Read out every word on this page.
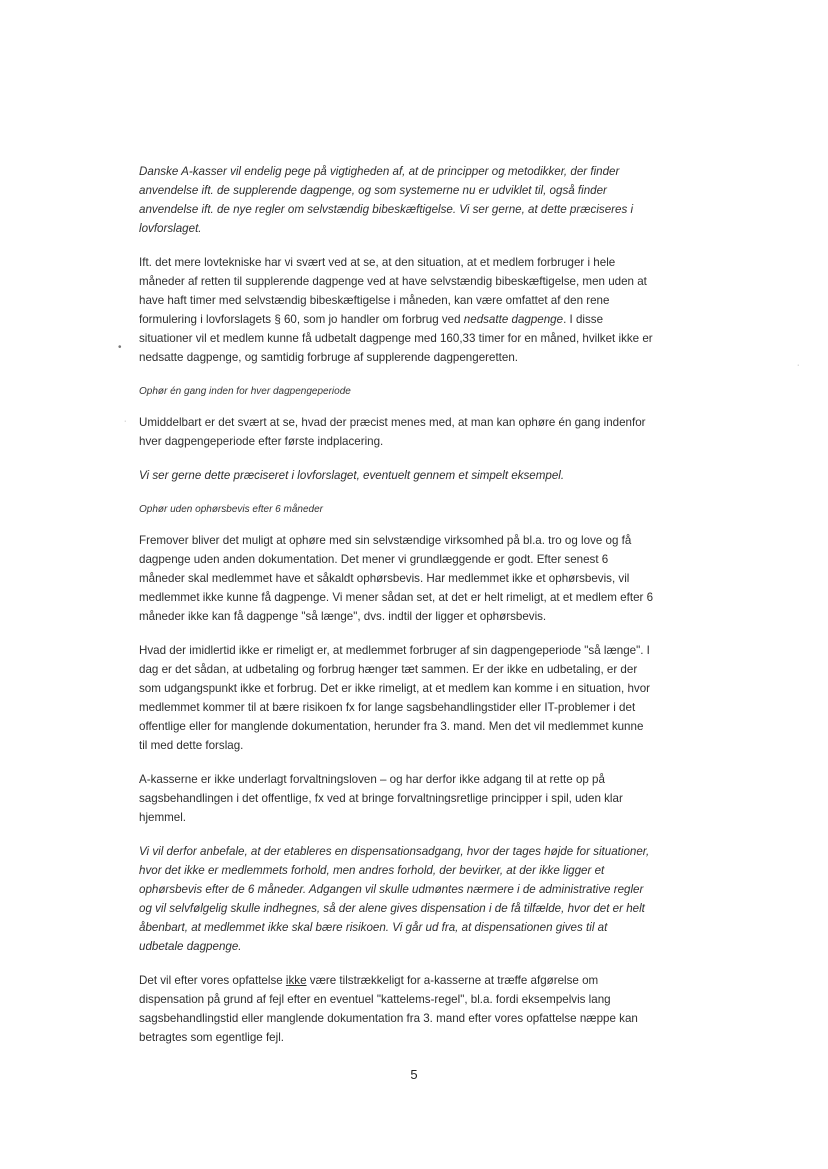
Danske A-kasser vil endelig pege på vigtigheden af, at de principper og metodikker, der finder anvendelse ift. de supplerende dagpenge, og som systemerne nu er udviklet til, også finder anvendelse ift. de nye regler om selvstændig bibeskæftigelse. Vi ser gerne, at dette præciseres i lovforslaget.

Ift. det mere lovtekniske har vi svært ved at se, at den situation, at et medlem forbruger i hele måneder af retten til supplerende dagpenge ved at have selvstændig bibeskæftigelse, men uden at have haft timer med selvstændig bibeskæftigelse i måneden, kan være omfattet af den rene formulering i lovforslagets § 60, som jo handler om forbrug ved nedsatte dagpenge. I disse situationer vil et medlem kunne få udbetalt dagpenge med 160,33 timer for en måned, hvilket ikke er nedsatte dagpenge, og samtidig forbruge af supplerende dagpengeretten.

Ophør én gang inden for hver dagpengeperiode

Umiddelbart er det svært at se, hvad der præcist menes med, at man kan ophøre én gang indenfor hver dagpengeperiode efter første indplacering.

Vi ser gerne dette præciseret i lovforslaget, eventuelt gennem et simpelt eksempel.

Ophør uden ophørsbevis efter 6 måneder

Fremover bliver det muligt at ophøre med sin selvstændige virksomhed på bl.a. tro og love og få dagpenge uden anden dokumentation. Det mener vi grundlæggende er godt. Efter senest 6 måneder skal medlemmet have et såkaldt ophørsbevis. Har medlemmet ikke et ophørsbevis, vil medlemmet ikke kunne få dagpenge. Vi mener sådan set, at det er helt rimeligt, at et medlem efter 6 måneder ikke kan få dagpenge "så længe", dvs. indtil der ligger et ophørsbevis.

Hvad der imidlertid ikke er rimeligt er, at medlemmet forbruger af sin dagpengeperiode "så længe". I dag er det sådan, at udbetaling og forbrug hænger tæt sammen. Er der ikke en udbetaling, er der som udgangspunkt ikke et forbrug. Det er ikke rimeligt, at et medlem kan komme i en situation, hvor medlemmet kommer til at bære risikoen fx for lange sagsbehandlingstider eller IT-problemer i det offentlige eller for manglende dokumentation, herunder fra 3. mand. Men det vil medlemmet kunne til med dette forslag.

A-kasserne er ikke underlagt forvaltningsloven – og har derfor ikke adgang til at rette op på sagsbehandlingen i det offentlige, fx ved at bringe forvaltningsretlige principper i spil, uden klar hjemmel.

Vi vil derfor anbefale, at der etableres en dispensationsadgang, hvor der tages højde for situationer, hvor det ikke er medlemmets forhold, men andres forhold, der bevirker, at der ikke ligger et ophørsbevis efter de 6 måneder. Adgangen vil skulle udmøntes nærmere i de administrative regler og vil selvfølgelig skulle indhegnes, så der alene gives dispensation i de få tilfælde, hvor det er helt åbenbart, at medlemmet ikke skal bære risikoen. Vi går ud fra, at dispensationen gives til at udbetale dagpenge.

Det vil efter vores opfattelse ikke være tilstrækkeligt for a-kasserne at træffe afgørelse om dispensation på grund af fejl efter en eventuel "kattelems-regel", bl.a. fordi eksempelvis lang sagsbehandlingstid eller manglende dokumentation fra 3. mand efter vores opfattelse næppe kan betragtes som egentlige fejl.

5
•
·
·
